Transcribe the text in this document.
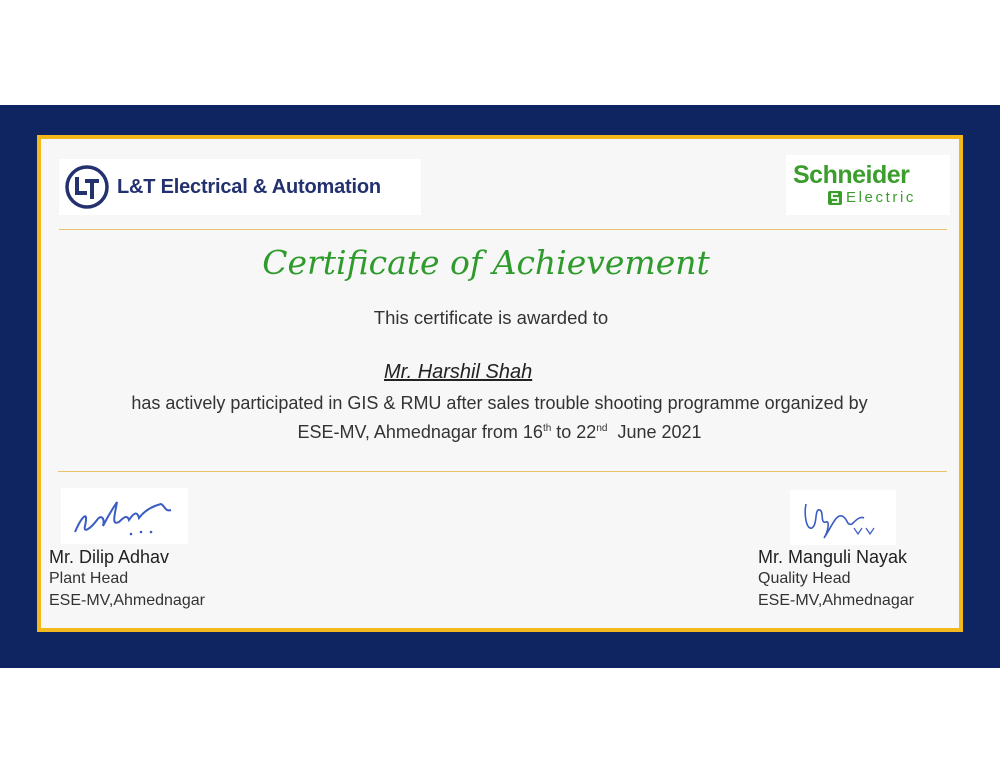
L&T Electrical & Automation	Schneider
Electric
Certificate of Achievement
This certificate is awarded to
Mr. Harshil Shah
has actively participated in GIS & RMU after sales trouble shooting programme organized by
ESE-MV, Ahmednagar from 16th to 22nd  June 2021
Mr. Dilip Adhav
Plant Head
ESE-MV,Ahmednagar
Mr. Manguli Nayak
Quality Head
ESE-MV,Ahmednagar
